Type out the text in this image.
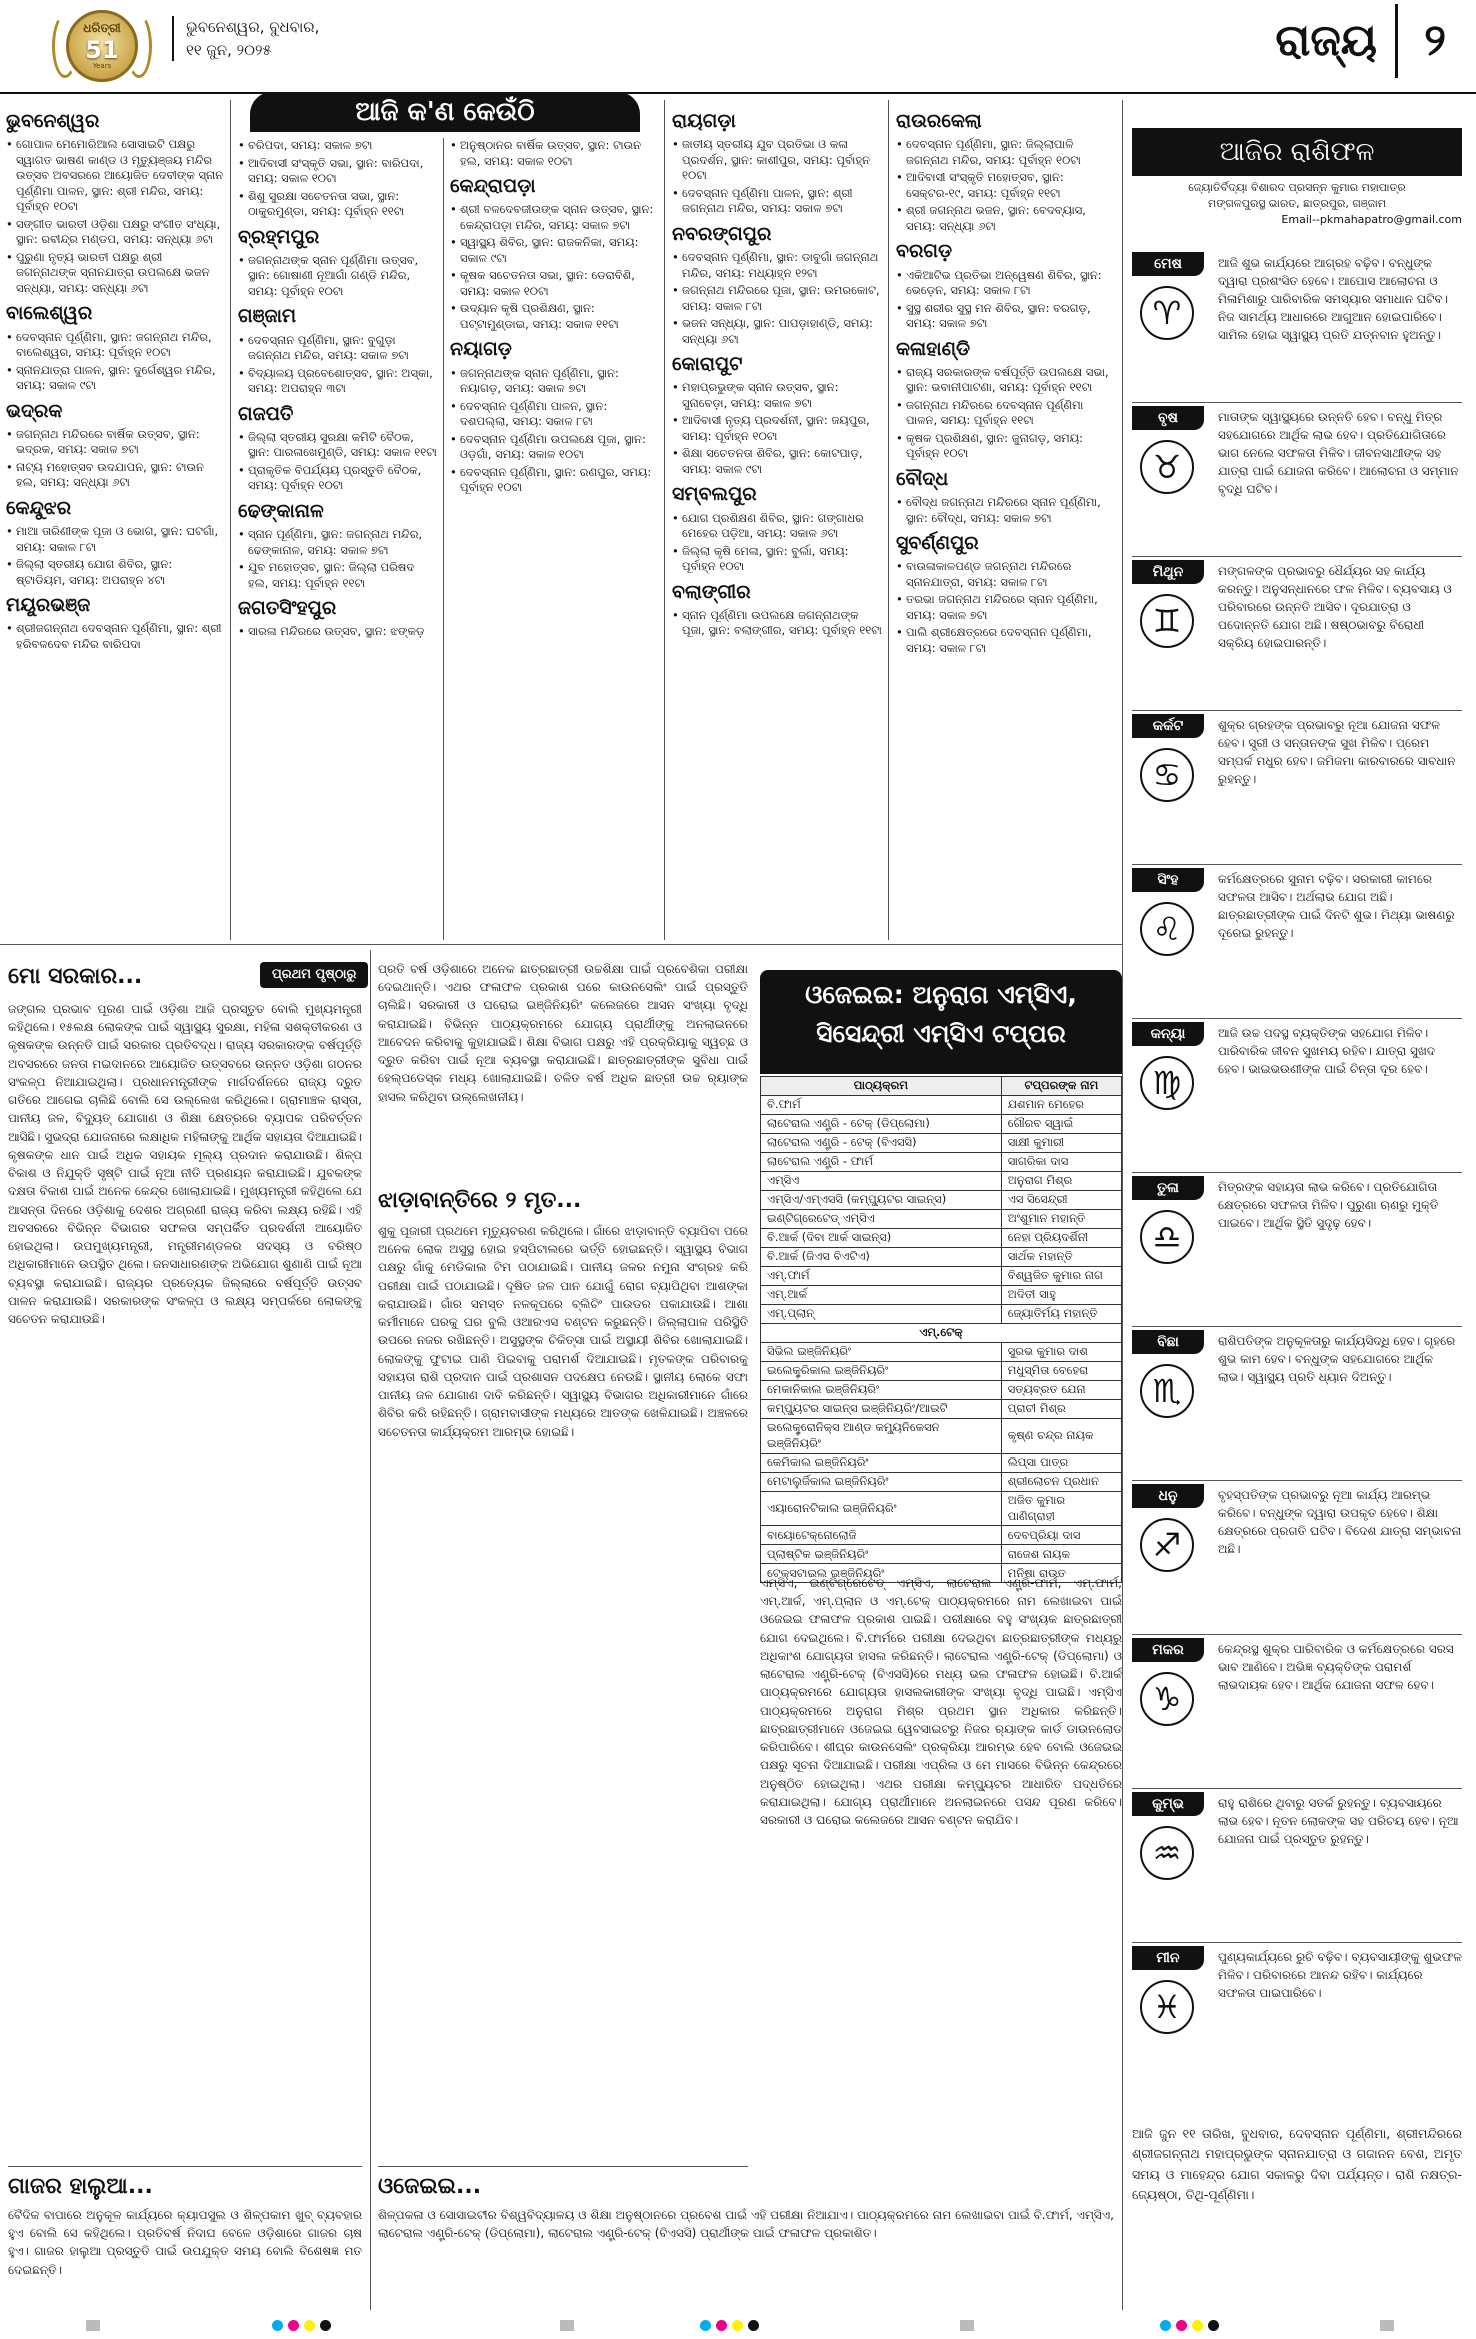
ଧରିତ୍ରୀ
51
Years
ଭୁବନେଶ୍ୱର, ବୁଧବାର,
୧୧ ଜୁନ, ୨୦୨୫	ରାଜ୍ୟ	୨
ଆଜି କ'ଣ କେଉଁଠି
ଭୁବନେଶ୍ୱର
• ଗୋପାଳ ମେମୋରିଆଲ ସୋସାଇଟି ପକ୍ଷରୁ ସ୍ୱାଗତ ଭାଷଣ କାଣ୍ଡ ଓ ମୃତ୍ୟୁଞ୍ଜୟ ମନ୍ଦିର ଉତ୍ସବ ଅବସରରେ ଆୟୋଜିତ ଦେବୀଙ୍କ ସ୍ନାନ ପୂର୍ଣ୍ଣିମା ପାଳନ, ସ୍ଥାନ: ଶ୍ରୀ ମନ୍ଦିର, ସମୟ: ପୂର୍ବାହ୍ନ ୧୦ଟା
• ସଙ୍ଗୀତ ଭାରତୀ ଓଡ଼ିଶା ପକ୍ଷରୁ ସଂଗୀତ ସଂଧ୍ୟା, ସ୍ଥାନ: ରବୀନ୍ଦ୍ର ମଣ୍ଡପ, ସମୟ: ସନ୍ଧ୍ୟା ୬ଟା
• ପୁରୁଣା ନୃତ୍ୟ ଭାରତୀ ପକ୍ଷରୁ ଶ୍ରୀ ଜଗନ୍ନାଥଙ୍କ ସ୍ନାନଯାତ୍ରା ଉପଲକ୍ଷେ ଭଜନ ସନ୍ଧ୍ୟା, ସମୟ: ସନ୍ଧ୍ୟା ୬ଟା
ବାଲେଶ୍ୱର
• ଦେବସ୍ନାନ ପୂର୍ଣ୍ଣିମା, ସ୍ଥାନ: ଜଗନ୍ନାଥ ମନ୍ଦିର, ବାଲେଶ୍ୱର, ସମୟ: ପୂର୍ବାହ୍ନ ୧୦ଟା
• ସ୍ନାନଯାତ୍ରା ପାଳନ, ସ୍ଥାନ: ଦୁର୍ଗେଶ୍ୱର ମନ୍ଦିର, ସମୟ: ସକାଳ ୯ଟା
ଭଦ୍ରକ
• ଜଗନ୍ନାଥ ମନ୍ଦିରରେ ବାର୍ଷିକ ଉତ୍ସବ, ସ୍ଥାନ: ଭଦ୍ରକ, ସମୟ: ସକାଳ ୭ଟା
• ନାଟ୍ୟ ମହୋତ୍ସବ ଉଦଯାପନ, ସ୍ଥାନ: ଟାଉନ ହଲ, ସମୟ: ସନ୍ଧ୍ୟା ୬ଟା
କେନ୍ଦୁଝର
• ମାଆ ତାରିଣୀଙ୍କ ପୂଜା ଓ ଭୋଗ, ସ୍ଥାନ: ଘଟଗାଁ, ସମୟ: ସକାଳ ୮ଟା
• ଜିଲ୍ଲା ସ୍ତରୀୟ ଯୋଗ ଶିବିର, ସ୍ଥାନ: ଷ୍ଟାଡିୟମ, ସମୟ: ଅପରାହ୍ନ ୪ଟା
ମୟୂରଭଞ୍ଜ
• ଶ୍ରୀଜଗନ୍ନାଥ ଦେବସ୍ନାନ ପୂର୍ଣ୍ଣିମା, ସ୍ଥାନ: ଶ୍ରୀ ହରିବଳଦେବ ମନ୍ଦିର ବାରିପଦା
• ବରିପଦା, ସମୟ: ସକାଳ ୭ଟା
• ଆଦିବାସୀ ସଂସ୍କୃତି ସଭା, ସ୍ଥାନ: ବାରିପଦା, ସମୟ: ସକାଳ ୧୦ଟା
• ଶିଶୁ ସୁରକ୍ଷା ସଚେତନତା ସଭା, ସ୍ଥାନ: ଠାକୁରମୁଣ୍ଡା, ସମୟ: ପୂର୍ବାହ୍ନ ୧୧ଟା
ବ୍ରହ୍ମପୁର
• ଜଗନ୍ନାଥଙ୍କ ସ୍ନାନ ପୂର୍ଣ୍ଣିମା ଉତ୍ସବ, ସ୍ଥାନ: ଗୋଷାଣୀ ନୂଆଗାଁ ଗଣ୍ଡି ମନ୍ଦିର, ସମୟ: ପୂର୍ବାହ୍ନ ୧୦ଟା
ଗଞ୍ଜାମ
• ଦେବସ୍ନାନ ପୂର୍ଣ୍ଣିମା, ସ୍ଥାନ: ବୁଗୁଡ଼ା ଜଗନ୍ନାଥ ମନ୍ଦିର, ସମୟ: ସକାଳ ୭ଟା
• ବିଦ୍ୟାଳୟ ପ୍ରବେଶୋତ୍ସବ, ସ୍ଥାନ: ଅସ୍କା, ସମୟ: ଅପରାହ୍ନ ୩ଟା
ଗଜପତି
• ଜିଲ୍ଲା ସ୍ତରୀୟ ସୁରକ୍ଷା କମିଟି ବୈଠକ, ସ୍ଥାନ: ପାରଳାଖେମୁଣ୍ଡି, ସମୟ: ସକାଳ ୧୧ଟା
• ପ୍ରାକୃତିକ ବିପର୍ଯ୍ୟୟ ପ୍ରସ୍ତୁତି ବୈଠକ, ସମୟ: ପୂର୍ବାହ୍ନ ୧୦ଟା
ଢେଙ୍କାନାଳ
• ସ୍ନାନ ପୂର୍ଣ୍ଣିମା, ସ୍ଥାନ: ଜଗନ୍ନାଥ ମନ୍ଦିର, ଢେଙ୍କାନାଳ, ସମୟ: ସକାଳ ୭ଟା
• ଯୁବ ମହୋତ୍ସବ, ସ୍ଥାନ: ଜିଲ୍ଲା ପରିଷଦ ହଲ, ସମୟ: ପୂର୍ବାହ୍ନ ୧୧ଟା
ଜଗତସିଂହପୁର
• ସାରଳା ମନ୍ଦିରରେ ଉତ୍ସବ, ସ୍ଥାନ: ଝଙ୍କଡ଼
• ଅନୁଷ୍ଠାନର ବାର୍ଷିକ ଉତ୍ସବ, ସ୍ଥାନ: ଟାଉନ ହଲ, ସମୟ: ସକାଳ ୧୦ଟା
କେନ୍ଦ୍ରାପଡ଼ା
• ଶ୍ରୀ ବଳଦେବଜୀଉଙ୍କ ସ୍ନାନ ଉତ୍ସବ, ସ୍ଥାନ: କେନ୍ଦ୍ରାପଡ଼ା ମନ୍ଦିର, ସମୟ: ସକାଳ ୭ଟା
• ସ୍ୱାସ୍ଥ୍ୟ ଶିବିର, ସ୍ଥାନ: ରାଜକନିକା, ସମୟ: ସକାଳ ୯ଟା
• କୃଷକ ସଚେତନତା ସଭା, ସ୍ଥାନ: ଡେରାବିଶି, ସମୟ: ସକାଳ ୧୦ଟା
• ଉଦ୍ୟାନ କୃଷି ପ୍ରଶିକ୍ଷଣ, ସ୍ଥାନ: ପଟ୍ଟାମୁଣ୍ଡାଇ, ସମୟ: ସକାଳ ୧୧ଟା
ନୟାଗଡ଼
• ଜଗନ୍ନାଥଙ୍କ ସ୍ନାନ ପୂର୍ଣ୍ଣିମା, ସ୍ଥାନ: ନୟାଗଡ଼, ସମୟ: ସକାଳ ୭ଟା
• ଦେବସ୍ନାନ ପୂର୍ଣ୍ଣିମା ପାଳନ, ସ୍ଥାନ: ଦଶପଲ୍ଲା, ସମୟ: ସକାଳ ୮ଟା
• ଦେବସ୍ନାନ ପୂର୍ଣ୍ଣିମା ଉପଲକ୍ଷେ ପୂଜା, ସ୍ଥାନ: ଓଡ଼ଗାଁ, ସମୟ: ସକାଳ ୧୦ଟା
• ଦେବସ୍ନାନ ପୂର୍ଣ୍ଣିମା, ସ୍ଥାନ: ରଣପୁର, ସମୟ: ପୂର୍ବାହ୍ନ ୧୦ଟା
ରାୟଗଡ଼ା
• ଜାତୀୟ ସ୍ତରୀୟ ଯୁବ ପ୍ରତିଭା ଓ କଳା ପ୍ରଦର୍ଶନ, ସ୍ଥାନ: କାଶୀପୁର, ସମୟ: ପୂର୍ବାହ୍ନ ୧୦ଟା
• ଦେବସ୍ନାନ ପୂର୍ଣ୍ଣିମା ପାଳନ, ସ୍ଥାନ: ଶ୍ରୀ ଜଗନ୍ନାଥ ମନ୍ଦିର, ସମୟ: ସକାଳ ୭ଟା
ନବରଙ୍ଗପୁର
• ଦେବସ୍ନାନ ପୂର୍ଣ୍ଣିମା, ସ୍ଥାନ: ଡାବୁଗାଁ ଜଗନ୍ନାଥ ମନ୍ଦିର, ସମୟ: ମଧ୍ୟାହ୍ନ ୧୨ଟା
• ଜଗନ୍ନାଥ ମନ୍ଦିରରେ ପୂଜା, ସ୍ଥାନ: ଉମରକୋଟ, ସମୟ: ସକାଳ ୮ଟା
• ଭଜନ ସନ୍ଧ୍ୟା, ସ୍ଥାନ: ପାପଡ଼ାହାଣ୍ଡି, ସମୟ: ସନ୍ଧ୍ୟା ୬ଟା
କୋରାପୁଟ
• ମହାପ୍ରଭୁଙ୍କ ସ୍ନାନ ଉତ୍ସବ, ସ୍ଥାନ: ସୁନାବେଡ଼ା, ସମୟ: ସକାଳ ୭ଟା
• ଆଦିବାସୀ ନୃତ୍ୟ ପ୍ରଦର୍ଶନୀ, ସ୍ଥାନ: ଜୟପୁର, ସମୟ: ପୂର୍ବାହ୍ନ ୧୦ଟା
• ଶିକ୍ଷା ସଚେତନତା ଶିବିର, ସ୍ଥାନ: କୋଟପାଡ଼, ସମୟ: ସକାଳ ୯ଟା
ସମ୍ବଲପୁର
• ଯୋଗ ପ୍ରଶିକ୍ଷଣ ଶିବିର, ସ୍ଥାନ: ଗଙ୍ଗାଧର ମେହେର ପଡ଼ିଆ, ସମୟ: ସକାଳ ୬ଟା
• ଜିଲ୍ଲା କୃଷି ମେଳା, ସ୍ଥାନ: ବୁର୍ଲା, ସମୟ: ପୂର୍ବାହ୍ନ ୧୦ଟା
ବଲାଙ୍ଗୀର
• ସ୍ନାନ ପୂର୍ଣ୍ଣିମା ଉପଲକ୍ଷେ ଜଗନ୍ନାଥଙ୍କ ପୂଜା, ସ୍ଥାନ: ବଲାଙ୍ଗୀର, ସମୟ: ପୂର୍ବାହ୍ନ ୧୧ଟା
ରାଉରକେଲା
• ଦେବସ୍ନାନ ପୂର୍ଣ୍ଣିମା, ସ୍ଥାନ: ଜିଲ୍ଲାପାଳି ଜଗନ୍ନାଥ ମନ୍ଦିର, ସମୟ: ପୂର୍ବାହ୍ନ ୧୦ଟା
• ଆଦିବାସୀ ସଂସ୍କୃତି ମହୋତ୍ସବ, ସ୍ଥାନ: ସେକ୍ଟର-୧୯, ସମୟ: ପୂର୍ବାହ୍ନ ୧୧ଟା
• ଶ୍ରୀ ଜଗନ୍ନାଥ ଭଜନ, ସ୍ଥାନ: ବେଦବ୍ୟାସ, ସମୟ: ସନ୍ଧ୍ୟା ୬ଟା
ବରଗଡ଼
• ଏକିଆଟିଭ ପ୍ରତିଭା ଅନ୍ୱେଷଣ ଶିବିର, ସ୍ଥାନ: ଭେଡ଼େନ, ସମୟ: ସକାଳ ୮ଟା
• ସୁସ୍ଥ ଶରୀର ସୁସ୍ଥ ମନ ଶିବିର, ସ୍ଥାନ: ବରଗଡ଼, ସମୟ: ସକାଳ ୭ଟା
କଳାହାଣ୍ଡି
• ରାଜ୍ୟ ସରକାରଙ୍କ ବର୍ଷପୂର୍ତ୍ତି ଉପଲକ୍ଷେ ସଭା, ସ୍ଥାନ: ଭବାନୀପାଟଣା, ସମୟ: ପୂର୍ବାହ୍ନ ୧୧ଟା
• ଜଗନ୍ନାଥ ମନ୍ଦିରରେ ଦେବସ୍ନାନ ପୂର୍ଣ୍ଣିମା ପାଳନ, ସମୟ: ପୂର୍ବାହ୍ନ ୧୧ଟା
• କୃଷକ ପ୍ରଶିକ୍ଷଣ, ସ୍ଥାନ: ଜୁନାଗଡ଼, ସମୟ: ପୂର୍ବାହ୍ନ ୧୦ଟା
ବୌଦ୍ଧ
• ବୌଦ୍ଧ ଜଗନ୍ନାଥ ମନ୍ଦିରରେ ସ୍ନାନ ପୂର୍ଣ୍ଣିମା, ସ୍ଥାନ: ବୌଦ୍ଧ, ସମୟ: ସକାଳ ୭ଟା
ସୁବର୍ଣ୍ଣପୁର
• ବାଉଳାକାଳପଣ୍ଡ ଜଗନ୍ନାଥ ମନ୍ଦିରରେ ସ୍ନାନଯାତ୍ରା, ସମୟ: ସକାଳ ୮ଟା
• ତରଭା ଜଗନ୍ନାଥ ମନ୍ଦିରରେ ସ୍ନାନ ପୂର୍ଣ୍ଣିମା, ସମୟ: ସକାଳ ୭ଟା
• ପାଲି ଶ୍ରୀକ୍ଷେତ୍ରରେ ଦେବସ୍ନାନ ପୂର୍ଣ୍ଣିମା, ସମୟ: ସକାଳ ୮ଟା
ଆଜିର ରାଶିଫଳ
ଜ୍ୟୋତିର୍ବିଦ୍ୟା ବିଶାରଦ ପ୍ରସନ୍ନ କୁମାର ମହାପାତ୍ର
ମଙ୍ଗଳପୁରସ୍ଥ ଭାରତ, ଛାତ୍ରପୁର, ଗଞ୍ଜାମ
Email--pkmahapatro@gmail.com
ମେଷ
♈
ଆଜି ଶୁଭ କାର୍ଯ୍ୟରେ ଆଗ୍ରହ ବଢ଼ିବ। ବନ୍ଧୁଙ୍କ ଦ୍ୱାରା ପ୍ରଶଂସିତ ହେବେ। ଆପୋସ ଆଲୋଚନା ଓ ମିଳାମିଶାରୁ ପାରିବାରିକ ସମସ୍ୟାର ସମାଧାନ ଘଟିବ। ନିଜ ସାମର୍ଥ୍ୟ ଆଧାରରେ ଆଗୁଆନ ହୋଇପାରିବେ। ସାମିଲ ହୋଇ ସ୍ୱାସ୍ଥ୍ୟ ପ୍ରତି ଯତ୍ନବାନ ହୁଅନ୍ତୁ।
ବୃଷ
♉
ମାତାଙ୍କ ସ୍ୱାସ୍ଥ୍ୟରେ ଉନ୍ନତି ହେବ। ବନ୍ଧୁ ମିତ୍ର ସହଯୋଗରେ ଆର୍ଥିକ ଲାଭ ହେବ। ପ୍ରତିଯୋଗିତାରେ ଭାଗ ନେଲେ ସଫଳତା ମିଳିବ। ଜୀବନସାଥୀଙ୍କ ସହ ଯାତ୍ରା ପାଇଁ ଯୋଜନା କରିବେ। ଆଲୋଚନା ଓ ସମ୍ମାନ ବୃଦ୍ଧି ଘଟିବ।
ମିଥୁନ
♊
ମଙ୍ଗଳଙ୍କ ପ୍ରଭାବରୁ ଧୈର୍ଯ୍ୟର ସହ କାର୍ଯ୍ୟ କରନ୍ତୁ। ଅନୁସନ୍ଧାନରେ ଫଳ ମିଳିବ। ବ୍ୟବସାୟ ଓ ପରିବାରରେ ଉନ୍ନତି ଆସିବ। ଦୂରଯାତ୍ରା ଓ ପଦୋନ୍ନତି ଯୋଗ ଅଛି। ଷଷ୍ଠଭାବରୁ ବିରୋଧୀ ସକ୍ରିୟ ହୋଇପାରନ୍ତି।
କର୍କଟ
♋
ଶୁକ୍ର ଗ୍ରହଙ୍କ ପ୍ରଭାବରୁ ନୂଆ ଯୋଜନା ସଫଳ ହେବ। ସ୍ତ୍ରୀ ଓ ସନ୍ତାନଙ୍କ ସୁଖ ମିଳିବ। ପ୍ରେମ ସମ୍ପର୍କ ମଧୁର ହେବ। ଜମିଜମା କାରବାରରେ ସାବଧାନ ରୁହନ୍ତୁ।
ସିଂହ
♌
କର୍ମକ୍ଷେତ୍ରରେ ସୁନାମ ବଢ଼ିବ। ସରକାରୀ କାମରେ ସଫଳତା ଆସିବ। ଅର୍ଥଲାଭ ଯୋଗ ଅଛି। ଛାତ୍ରଛାତ୍ରୀଙ୍କ ପାଇଁ ଦିନଟି ଶୁଭ। ମିଥ୍ୟା ଭାଷଣରୁ ଦୂରେଇ ରୁହନ୍ତୁ।
କନ୍ୟା
♍
ଆଜି ଉଚ୍ଚ ପଦସ୍ଥ ବ୍ୟକ୍ତିଙ୍କ ସହଯୋଗ ମିଳିବ। ପାରିବାରିକ ଜୀବନ ସୁଖମୟ ରହିବ। ଯାତ୍ରା ସୁଖଦ ହେବ। ଭାଇଭଉଣୀଙ୍କ ପାଇଁ ଚିନ୍ତା ଦୂର ହେବ।
ତୁଳା
♎
ମିତ୍ରଙ୍କ ସହାୟତା ଲାଭ କରିବେ। ପ୍ରତିଯୋଗିତା କ୍ଷେତ୍ରରେ ସଫଳତା ମିଳିବ। ପୁରୁଣା ଋଣରୁ ମୁକ୍ତି ପାଇବେ। ଆର୍ଥିକ ସ୍ଥିତି ସୁଦୃଢ଼ ହେବ।
ବିଛା
♏
ରାଶିପତିଙ୍କ ଅନୁକୂଳତାରୁ କାର୍ଯ୍ୟସିଦ୍ଧି ହେବ। ଗୃହରେ ଶୁଭ କାମ ହେବ। ବନ୍ଧୁଙ୍କ ସହଯୋଗରେ ଆର୍ଥିକ ଲାଭ। ସ୍ୱାସ୍ଥ୍ୟ ପ୍ରତି ଧ୍ୟାନ ଦିଅନ୍ତୁ।
ଧନୁ
♐
ବୃହସ୍ପତିଙ୍କ ପ୍ରଭାବରୁ ନୂଆ କାର୍ଯ୍ୟ ଆରମ୍ଭ କରିବେ। ବନ୍ଧୁଙ୍କ ଦ୍ୱାରା ଉପକୃତ ହେବେ। ଶିକ୍ଷା କ୍ଷେତ୍ରରେ ପ୍ରଗତି ଘଟିବ। ବିଦେଶ ଯାତ୍ରା ସମ୍ଭାବନା ଅଛି।
ମକର
♑
କେନ୍ଦ୍ରସ୍ଥ ଶୁକ୍ର ପାରିବାରିକ ଓ କର୍ମକ୍ଷେତ୍ରରେ ସରସ ଭାବ ଆଣିବେ। ଅଭିଜ୍ଞ ବ୍ୟକ୍ତିଙ୍କ ପରାମର୍ଶ ଲାଭଦାୟକ ହେବ। ଆର୍ଥିକ ଯୋଜନା ସଫଳ ହେବ।
କୁମ୍ଭ
♒
ରାହୁ ରାଶିରେ ଥିବାରୁ ସତର୍କ ରୁହନ୍ତୁ। ବ୍ୟବସାୟରେ ଲାଭ ହେବ। ନୂତନ ଲୋକଙ୍କ ସହ ପରିଚୟ ହେବ। ନୂଆ ଯୋଜନା ପାଇଁ ପ୍ରସ୍ତୁତ ରୁହନ୍ତୁ।
ମୀନ
♓
ପୁଣ୍ୟକାର୍ଯ୍ୟରେ ରୁଚି ବଢ଼ିବ। ବ୍ୟବସାୟୀଙ୍କୁ ଶୁଭଫଳ ମିଳିବ। ପରିବାରରେ ଆନନ୍ଦ ରହିବ। କାର୍ଯ୍ୟରେ ସଫଳତା ପାଇପାରିବେ।
ଆଜି ଜୁନ ୧୧ ତାରିଖ, ବୁଧବାର, ଦେବସ୍ନାନ ପୂର୍ଣ୍ଣିମା, ଶ୍ରୀମନ୍ଦିରରେ ଶ୍ରୀଜଗନ୍ନାଥ ମହାପ୍ରଭୁଙ୍କ ସ୍ନାନଯାତ୍ରା ଓ ଗଜାନନ ବେଶ, ଅମୃତ ସମୟ ଓ ମାହେନ୍ଦ୍ର ଯୋଗ ସକାଳରୁ ଦିବା ପର୍ଯ୍ୟନ୍ତ। ରାଶି ନକ୍ଷତ୍ର-ଜ୍ୟେଷ୍ଠା, ତିଥି-ପୂର୍ଣ୍ଣିମା।
ମୋ ସରକାର...	ପ୍ରଥମ ପୃଷ୍ଠାରୁ
ଜଙ୍ଗଲ ପ୍ରଭାବ ପୂରଣ ପାଇଁ ଓଡ଼ିଶା ଆଜି ପ୍ରସ୍ତୁତ ବୋଲି ମୁଖ୍ୟମନ୍ତ୍ରୀ କହିଥିଲେ। ୧୫ଲକ୍ଷ ଲୋକଙ୍କ ପାଇଁ ସ୍ୱାସ୍ଥ୍ୟ ସୁରକ୍ଷା, ମହିଳା ସଶକ୍ତୀକରଣ ଓ କୃଷକଙ୍କ ଉନ୍ନତି ପାଇଁ ସରକାର ପ୍ରତିବଦ୍ଧ। ରାଜ୍ୟ ସରକାରଙ୍କ ବର୍ଷପୂର୍ତ୍ତି ଅବସରରେ ଜନତା ମଇଦାନରେ ଆୟୋଜିତ ଉତ୍ସବରେ ଉନ୍ନତ ଓଡ଼ିଶା ଗଠନର ସଂକଳ୍ପ ନିଆଯାଇଥିଲା। ପ୍ରଧାନମନ୍ତ୍ରୀଙ୍କ ମାର୍ଗଦର୍ଶନରେ ରାଜ୍ୟ ଦ୍ରୁତ ଗତିରେ ଆଗେଇ ଚାଲିଛି ବୋଲି ସେ ଉଲ୍ଲେଖ କରିଥିଲେ। ଗ୍ରାମାଞ୍ଚଳ ରାସ୍ତା, ପାନୀୟ ଜଳ, ବିଦ୍ୟୁତ୍ ଯୋଗାଣ ଓ ଶିକ୍ଷା କ୍ଷେତ୍ରରେ ବ୍ୟାପକ ପରିବର୍ତ୍ତନ ଆସିଛି। ସୁଭଦ୍ରା ଯୋଜନାରେ ଲକ୍ଷାଧିକ ମହିଳାଙ୍କୁ ଆର୍ଥିକ ସହାୟତା ଦିଆଯାଇଛି। କୃଷକଙ୍କ ଧାନ ପାଇଁ ଅଧିକ ସହାୟକ ମୂଲ୍ୟ ପ୍ରଦାନ କରାଯାଉଛି। ଶିଳ୍ପ ବିକାଶ ଓ ନିଯୁକ୍ତି ସୃଷ୍ଟି ପାଇଁ ନୂଆ ନୀତି ପ୍ରଣୟନ କରାଯାଇଛି। ଯୁବକଙ୍କ ଦକ୍ଷତା ବିକାଶ ପାଇଁ ଅନେକ କେନ୍ଦ୍ର ଖୋଲାଯାଇଛି। ମୁଖ୍ୟମନ୍ତ୍ରୀ କହିଥିଲେ ଯେ ଆସନ୍ତା ଦିନରେ ଓଡ଼ିଶାକୁ ଦେଶର ଅଗ୍ରଣୀ ରାଜ୍ୟ କରିବା ଲକ୍ଷ୍ୟ ରହିଛି। ଏହି ଅବସରରେ ବିଭିନ୍ନ ବିଭାଗର ସଫଳତା ସମ୍ପର୍କିତ ପ୍ରଦର୍ଶନୀ ଆୟୋଜିତ ହୋଇଥିଲା। ଉପମୁଖ୍ୟମନ୍ତ୍ରୀ, ମନ୍ତ୍ରୀମଣ୍ଡଳର ସଦସ୍ୟ ଓ ବରିଷ୍ଠ ଅଧିକାରୀମାନେ ଉପସ୍ଥିତ ଥିଲେ। ଜନସାଧାରଣଙ୍କ ଅଭିଯୋଗ ଶୁଣାଣି ପାଇଁ ନୂଆ ବ୍ୟବସ୍ଥା କରାଯାଇଛି। ରାଜ୍ୟର ପ୍ରତ୍ୟେକ ଜିଲ୍ଲାରେ ବର୍ଷପୂର୍ତ୍ତି ଉତ୍ସବ ପାଳନ କରାଯାଉଛି। ସରକାରଙ୍କ ସଂକଳ୍ପ ଓ ଲକ୍ଷ୍ୟ ସମ୍ପର୍କରେ ଲୋକଙ୍କୁ ସଚେତନ କରାଯାଉଛି।
ଗାଜର ହାଲୁଆ...
ବୈଦିକ ବାପାରେ ଅନୁକୂଳ କାର୍ଯ୍ୟରେ କ୍ୟାପସୁଲ ଓ ଶିଳ୍ପକାମ ଖୁବ୍ ବ୍ୟବହାର ହୁଏ ବୋଲି ସେ କହିଥିଲେ। ପ୍ରତିବର୍ଷ ନିଦାଘ ବେଳେ ଓଡ଼ିଶାରେ ଗାଜର ଚାଷ ହୁଏ। ଗାଜର ହାଲୁଆ ପ୍ରସ୍ତୁତି ପାଇଁ ଉପଯୁକ୍ତ ସମୟ ବୋଲି ବିଶେଷଜ୍ଞ ମତ ଦେଇଛନ୍ତି।
ପ୍ରତି ବର୍ଷ ଓଡ଼ିଶାରେ ଅନେକ ଛାତ୍ରଛାତ୍ରୀ ଉଚ୍ଚଶିକ୍ଷା ପାଇଁ ପ୍ରବେଶିକା ପରୀକ୍ଷା ଦେଇଥାନ୍ତି। ଏଥର ଫଳାଫଳ ପ୍ରକାଶ ପରେ କାଉନସେଲିଂ ପାଇଁ ପ୍ରସ୍ତୁତି ଚାଲିଛି। ସରକାରୀ ଓ ଘରୋଇ ଇଞ୍ଜିନିୟରିଂ କଲେଜରେ ଆସନ ସଂଖ୍ୟା ବୃଦ୍ଧି କରାଯାଇଛି। ବିଭିନ୍ନ ପାଠ୍ୟକ୍ରମରେ ଯୋଗ୍ୟ ପ୍ରାର୍ଥୀଙ୍କୁ ଅନଲାଇନରେ ଆବେଦନ କରିବାକୁ କୁହାଯାଇଛି। ଶିକ୍ଷା ବିଭାଗ ପକ୍ଷରୁ ଏହି ପ୍ରକ୍ରିୟାକୁ ସ୍ୱଚ୍ଛ ଓ ଦ୍ରୁତ କରିବା ପାଇଁ ନୂଆ ବ୍ୟବସ୍ଥା କରାଯାଇଛି। ଛାତ୍ରଛାତ୍ରୀଙ୍କ ସୁବିଧା ପାଇଁ ହେଲ୍ପଡେସ୍କ ମଧ୍ୟ ଖୋଲାଯାଇଛି। ଚଳିତ ବର୍ଷ ଅଧିକ ଛାତ୍ରୀ ଉଚ୍ଚ ର‍୍ୟାଙ୍କ ହାସଲ କରିଥିବା ଉଲ୍ଲେଖନୀୟ।
ଝାଡ଼ାବାନ୍ତିରେ ୨ ମୃତ...
ଶୁକୁ ପୂଜାରୀ ପ୍ରଥମେ ମୃତ୍ୟୁବରଣ କରିଥିଲେ। ଗାଁରେ ଝାଡ଼ାବାନ୍ତି ବ୍ୟାପିବା ପରେ ଅନେକ ଲୋକ ଅସୁସ୍ଥ ହୋଇ ହସ୍ପିଟାଲରେ ଭର୍ତ୍ତି ହୋଇଛନ୍ତି। ସ୍ୱାସ୍ଥ୍ୟ ବିଭାଗ ପକ୍ଷରୁ ଗାଁକୁ ମେଡିକାଲ ଟିମ ପଠାଯାଇଛି। ପାନୀୟ ଜଳର ନମୁନା ସଂଗ୍ରହ କରି ପରୀକ୍ଷା ପାଇଁ ପଠାଯାଇଛି। ଦୂଷିତ ଜଳ ପାନ ଯୋଗୁଁ ରୋଗ ବ୍ୟାପିଥିବା ଆଶଙ୍କା କରାଯାଉଛି। ଗାଁର ସମସ୍ତ ନଳକୂପରେ ବ୍ଲିଚିଂ ପାଉଡର ପକାଯାଉଛି। ଆଶା କର୍ମୀମାନେ ଘରକୁ ଘର ବୁଲି ଓଆରଏସ ବଣ୍ଟନ କରୁଛନ୍ତି। ଜିଲ୍ଲାପାଳ ପରିସ୍ଥିତି ଉପରେ ନଜର ରଖିଛନ୍ତି। ଅସୁସ୍ଥଙ୍କ ଚିକିତ୍ସା ପାଇଁ ଅସ୍ଥାୟୀ ଶିବିର ଖୋଲାଯାଇଛି। ଲୋକଙ୍କୁ ଫୁଟାଇ ପାଣି ପିଇବାକୁ ପରାମର୍ଶ ଦିଆଯାଇଛି। ମୃତକଙ୍କ ପରିବାରକୁ ସହାୟତା ରାଶି ପ୍ରଦାନ ପାଇଁ ପ୍ରଶାସନ ପଦକ୍ଷେପ ନେଉଛି। ସ୍ଥାନୀୟ ଲୋକେ ସଫା ପାନୀୟ ଜଳ ଯୋଗାଣ ଦାବି କରିଛନ୍ତି। ସ୍ୱାସ୍ଥ୍ୟ ବିଭାଗର ଅଧିକାରୀମାନେ ଗାଁରେ ଶିବିର କରି ରହିଛନ୍ତି। ଗ୍ରାମବାସୀଙ୍କ ମଧ୍ୟରେ ଆତଙ୍କ ଖେଳିଯାଇଛି। ଅଞ୍ଚଳରେ ସଚେତନତା କାର୍ଯ୍ୟକ୍ରମ ଆରମ୍ଭ ହୋଇଛି।
ଓଜେଇଇ...
ଶିଳ୍ପକଳା ଓ ସୋସାଇଟୀର ବିଶ୍ୱବିଦ୍ୟାଳୟ ଓ ଶିକ୍ଷା ଅନୁଷ୍ଠାନରେ ପ୍ରବେଶ ପାଇଁ ଏହି ପରୀକ୍ଷା ନିଆଯାଏ। ପାଠ୍ୟକ୍ରମରେ ନାମ ଲେଖାଇବା ପାଇଁ ବି.ଫାର୍ମ, ଏମ୍‌ସିଏ, ଲାଟେରାଲ ଏଣ୍ଟ୍ରି-ଟେକ୍ (ଡିପ୍ଲୋମା), ଲାଟେରାଲ ଏଣ୍ଟ୍ରି-ଟେକ୍ (ବିଏସସି) ପ୍ରାର୍ଥୀଙ୍କ ପାଇଁ ଫଳାଫଳ ପ୍ରକାଶିତ।
ଓଜେଇଇ: ଅନୁରାଗ ଏମ୍‌ସିଏ, ସିସେନ୍ଦ୍ରୀ ଏମ୍‌ସିଏ ଟପ୍‌ପର
ପାଠ୍ୟକ୍ରମ	ଟପ୍‌ପରଙ୍କ ନାମ
ବି.ଫାର୍ମ	ଯଶମାନ ମେହେର
ଲାଟେରାଲ ଏଣ୍ଟ୍ରି - ଟେକ୍ (ଡିପ୍ଲୋମା)	ଗୌରବ ସ୍ୱାଇଁ
ଲାଟେରାଲ ଏଣ୍ଟ୍ରି - ଟେକ୍ (ବିଏସସି)	ସାକ୍ଷୀ କୁମାରୀ
ଲାଟେରାଲ ଏଣ୍ଟ୍ରି - ଫାର୍ମ	ସାଗରିକା ଦାସ
ଏମ୍‌ସିଏ	ଅନୁରାଗ ମିଶ୍ର
ଏମ୍‌ସିଏ/ଏମ୍‌ଏସସି (କମ୍ପ୍ୟୁଟର ସାଇନ୍ସ)	ଏସ ସିସେନ୍ଦ୍ରୀ
ଇଣ୍ଟିଗ୍ରେଟେଡ୍ ଏମ୍‌ସିଏ	ଅଂଶୁମାନ ମହାନ୍ତି
ବି.ଆର୍କ (ଦିବା ଆର୍କ ସାଇନ୍ସ)	ନେହା ପ୍ରିୟଦର୍ଶିନୀ
ବି.ଆର୍କ (ଜିଏସ ବିଏଟିଏ)	ସାର୍ଥକ ମହାନ୍ତି
ଏମ୍.ଫାର୍ମ	ବିଶ୍ୱଜିତ କୁମାର ନାଗ
ଏମ୍.ଆର୍କ	ଅଦିତୀ ସାହୁ
ଏମ୍.ପ୍ଲାନ୍	ଜ୍ୟୋତିର୍ମୟ ମହାନ୍ତି
ଏମ୍.ଟେକ୍	
ସିଭିଲ ଇଞ୍ଜିନିୟରିଂ	ସୁରଭ କୁମାର ଦାଶ
ଇଲେକ୍ଟ୍ରିକାଲ ଇଞ୍ଜିନିୟରିଂ	ମଧୁସ୍ମିତା ବେହେରା
ମେକାନିକାଲ ଇଞ୍ଜିନିୟରିଂ	ସତ୍ୟବ୍ରତ ଯେନା
କମ୍ପ୍ୟୁଟର ସାଇନ୍ସ ଇଞ୍ଜିନିୟରିଂ/ଆଇଟି	ପ୍ରାଚୀ ମିଶ୍ର
ଇଲେକ୍ଟ୍ରୋନିକ୍ସ ଆଣ୍ଡ କମ୍ୟୁନିକେସନ ଇଞ୍ଜିନିୟରିଂ	କୃଷ୍ଣ ଚନ୍ଦ୍ର ନାୟକ
କେମିକାଲ ଇଞ୍ଜିନିୟରିଂ	ଲିପ୍ସା ପାତ୍ର
ମେଟାଲୁର୍ଜିକାଲ ଇଞ୍ଜିନିୟରିଂ	ଶ୍ରୀଲୋଚନ ପ୍ରଧାନ
ଏୟାରୋନଟିକାଲ ଇଞ୍ଜିନିୟରିଂ	ଅଜିତ କୁମାର ପାଣିଗ୍ରାହୀ
ବାୟୋଟେକ୍ନୋଲୋଜି	ଦେବପ୍ରିୟା ଦାସ
ପ୍ଲାଷ୍ଟିକ ଇଞ୍ଜିନିୟରିଂ	ରାଜେଶ ନାୟକ
ଟେକ୍ସଟାଇଲ ଇଞ୍ଜିନିୟରିଂ	ମନିଷା ରାଉତ
ଏମ୍‌ସିଏ, ଇଣ୍ଟିଗ୍ରେଟେଡ୍ ଏମ୍‌ସିଏ, ଲାଟେରାଲ ଏଣ୍ଟ୍ରି-ଫାର୍ମ, ଏମ୍.ଫାର୍ମ, ଏମ୍.ଆର୍କ, ଏମ୍.ପ୍ଲାନ ଓ ଏମ୍.ଟେକ୍ ପାଠ୍ୟକ୍ରମରେ ନାମ ଲେଖାଇବା ପାଇଁ ଓଜେଇଇ ଫଳାଫଳ ପ୍ରକାଶ ପାଇଛି। ପରୀକ୍ଷାରେ ବହୁ ସଂଖ୍ୟକ ଛାତ୍ରଛାତ୍ରୀ ଯୋଗ ଦେଇଥିଲେ। ବି.ଫାର୍ମରେ ପରୀକ୍ଷା ଦେଇଥିବା ଛାତ୍ରଛାତ୍ରୀଙ୍କ ମଧ୍ୟରୁ ଅଧିକାଂଶ ଯୋଗ୍ୟତା ହାସଲ କରିଛନ୍ତି। ଲାଟେରାଲ ଏଣ୍ଟ୍ରି-ଟେକ୍ (ଡିପ୍ଲୋମା) ଓ ଲାଟେରାଲ ଏଣ୍ଟ୍ରି-ଟେକ୍ (ବିଏସସି)ରେ ମଧ୍ୟ ଭଲ ଫଳାଫଳ ହୋଇଛି। ବି.ଆର୍କ ପାଠ୍ୟକ୍ରମରେ ଯୋଗ୍ୟତା ହାସଲକାରୀଙ୍କ ସଂଖ୍ୟା ବୃଦ୍ଧି ପାଇଛି। ଏମ୍‌ସିଏ ପାଠ୍ୟକ୍ରମରେ ଅନୁରାଗ ମିଶ୍ର ପ୍ରଥମ ସ୍ଥାନ ଅଧିକାର କରିଛନ୍ତି। ଛାତ୍ରଛାତ୍ରୀମାନେ ଓଜେଇଇ ୱେବସାଇଟରୁ ନିଜର ର‍୍ୟାଙ୍କ କାର୍ଡ ଡାଉନଲୋଡ କରିପାରିବେ। ଶୀଘ୍ର କାଉନସେଲିଂ ପ୍ରକ୍ରିୟା ଆରମ୍ଭ ହେବ ବୋଲି ଓଜେଇଇ ପକ୍ଷରୁ ସୂଚନା ଦିଆଯାଇଛି। ପରୀକ୍ଷା ଏପ୍ରିଲ ଓ ମେ ମାସରେ ବିଭିନ୍ନ କେନ୍ଦ୍ରରେ ଅନୁଷ୍ଠିତ ହୋଇଥିଲା। ଏଥର ପରୀକ୍ଷା କମ୍ପ୍ୟୁଟର ଆଧାରିତ ପଦ୍ଧତିରେ କରାଯାଇଥିଲା। ଯୋଗ୍ୟ ପ୍ରାର୍ଥୀମାନେ ଅନଲାଇନରେ ପସନ୍ଦ ପୂରଣ କରିବେ। ସରକାରୀ ଓ ଘରୋଇ କଲେଜରେ ଆସନ ବଣ୍ଟନ କରାଯିବ।
